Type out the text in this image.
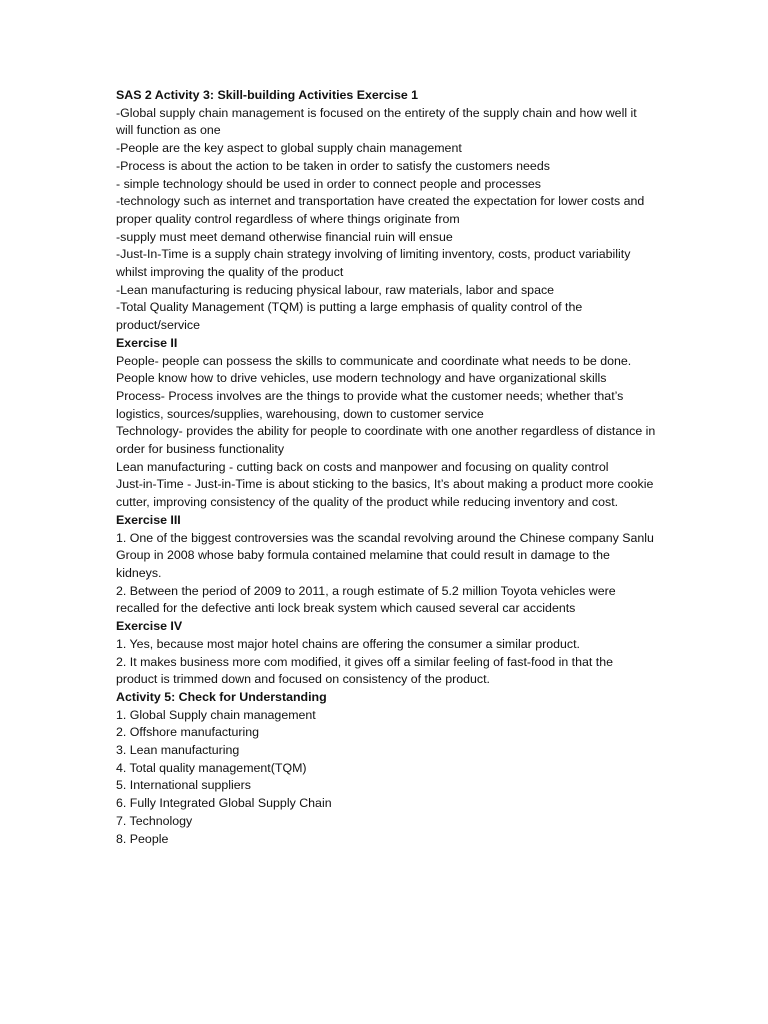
SAS 2 Activity 3: Skill-building Activities Exercise 1

-Global supply chain management is focused on the entirety of the supply chain and how well it will function as one

-People are the key aspect to global supply chain management

-Process is about the action to be taken in order to satisfy the customers needs

- simple technology should be used in order to connect people and processes

-technology such as internet and transportation have created the expectation for lower costs and proper quality control regardless of where things originate from

-supply must meet demand otherwise financial ruin will ensue

-Just-In-Time is a supply chain strategy involving of limiting inventory, costs, product variability whilst improving the quality of the product

-Lean manufacturing is reducing physical labour, raw materials, labor and space

-Total Quality Management (TQM) is putting a large emphasis of quality control of the product/service

Exercise II

People- people can possess the skills to communicate and coordinate what needs to be done. People know how to drive vehicles, use modern technology and have organizational skills

Process- Process involves are the things to provide what the customer needs; whether that’s logistics, sources/supplies, warehousing, down to customer service

Technology- provides the ability for people to coordinate with one another regardless of distance in order for business functionality

Lean manufacturing - cutting back on costs and manpower and focusing on quality control

Just-in-Time - Just-in-Time is about sticking to the basics, It’s about making a product more cookie cutter, improving consistency of the quality of the product while reducing inventory and cost.

Exercise III

1. One of the biggest controversies was the scandal revolving around the Chinese company Sanlu Group in 2008 whose baby formula contained melamine that could result in damage to the kidneys.

2. Between the period of 2009 to 2011, a rough estimate of 5.2 million Toyota vehicles were recalled for the defective anti lock break system which caused several car accidents

Exercise IV

1. Yes, because most major hotel chains are offering the consumer a similar product.

2. It makes business more com modified, it gives off a similar feeling of fast-food in that the product is trimmed down and focused on consistency of the product.

Activity 5: Check for Understanding

1. Global Supply chain management

2. Offshore manufacturing

3. Lean manufacturing

4. Total quality management(TQM)

5. International suppliers

6. Fully Integrated Global Supply Chain

7. Technology

8. People
